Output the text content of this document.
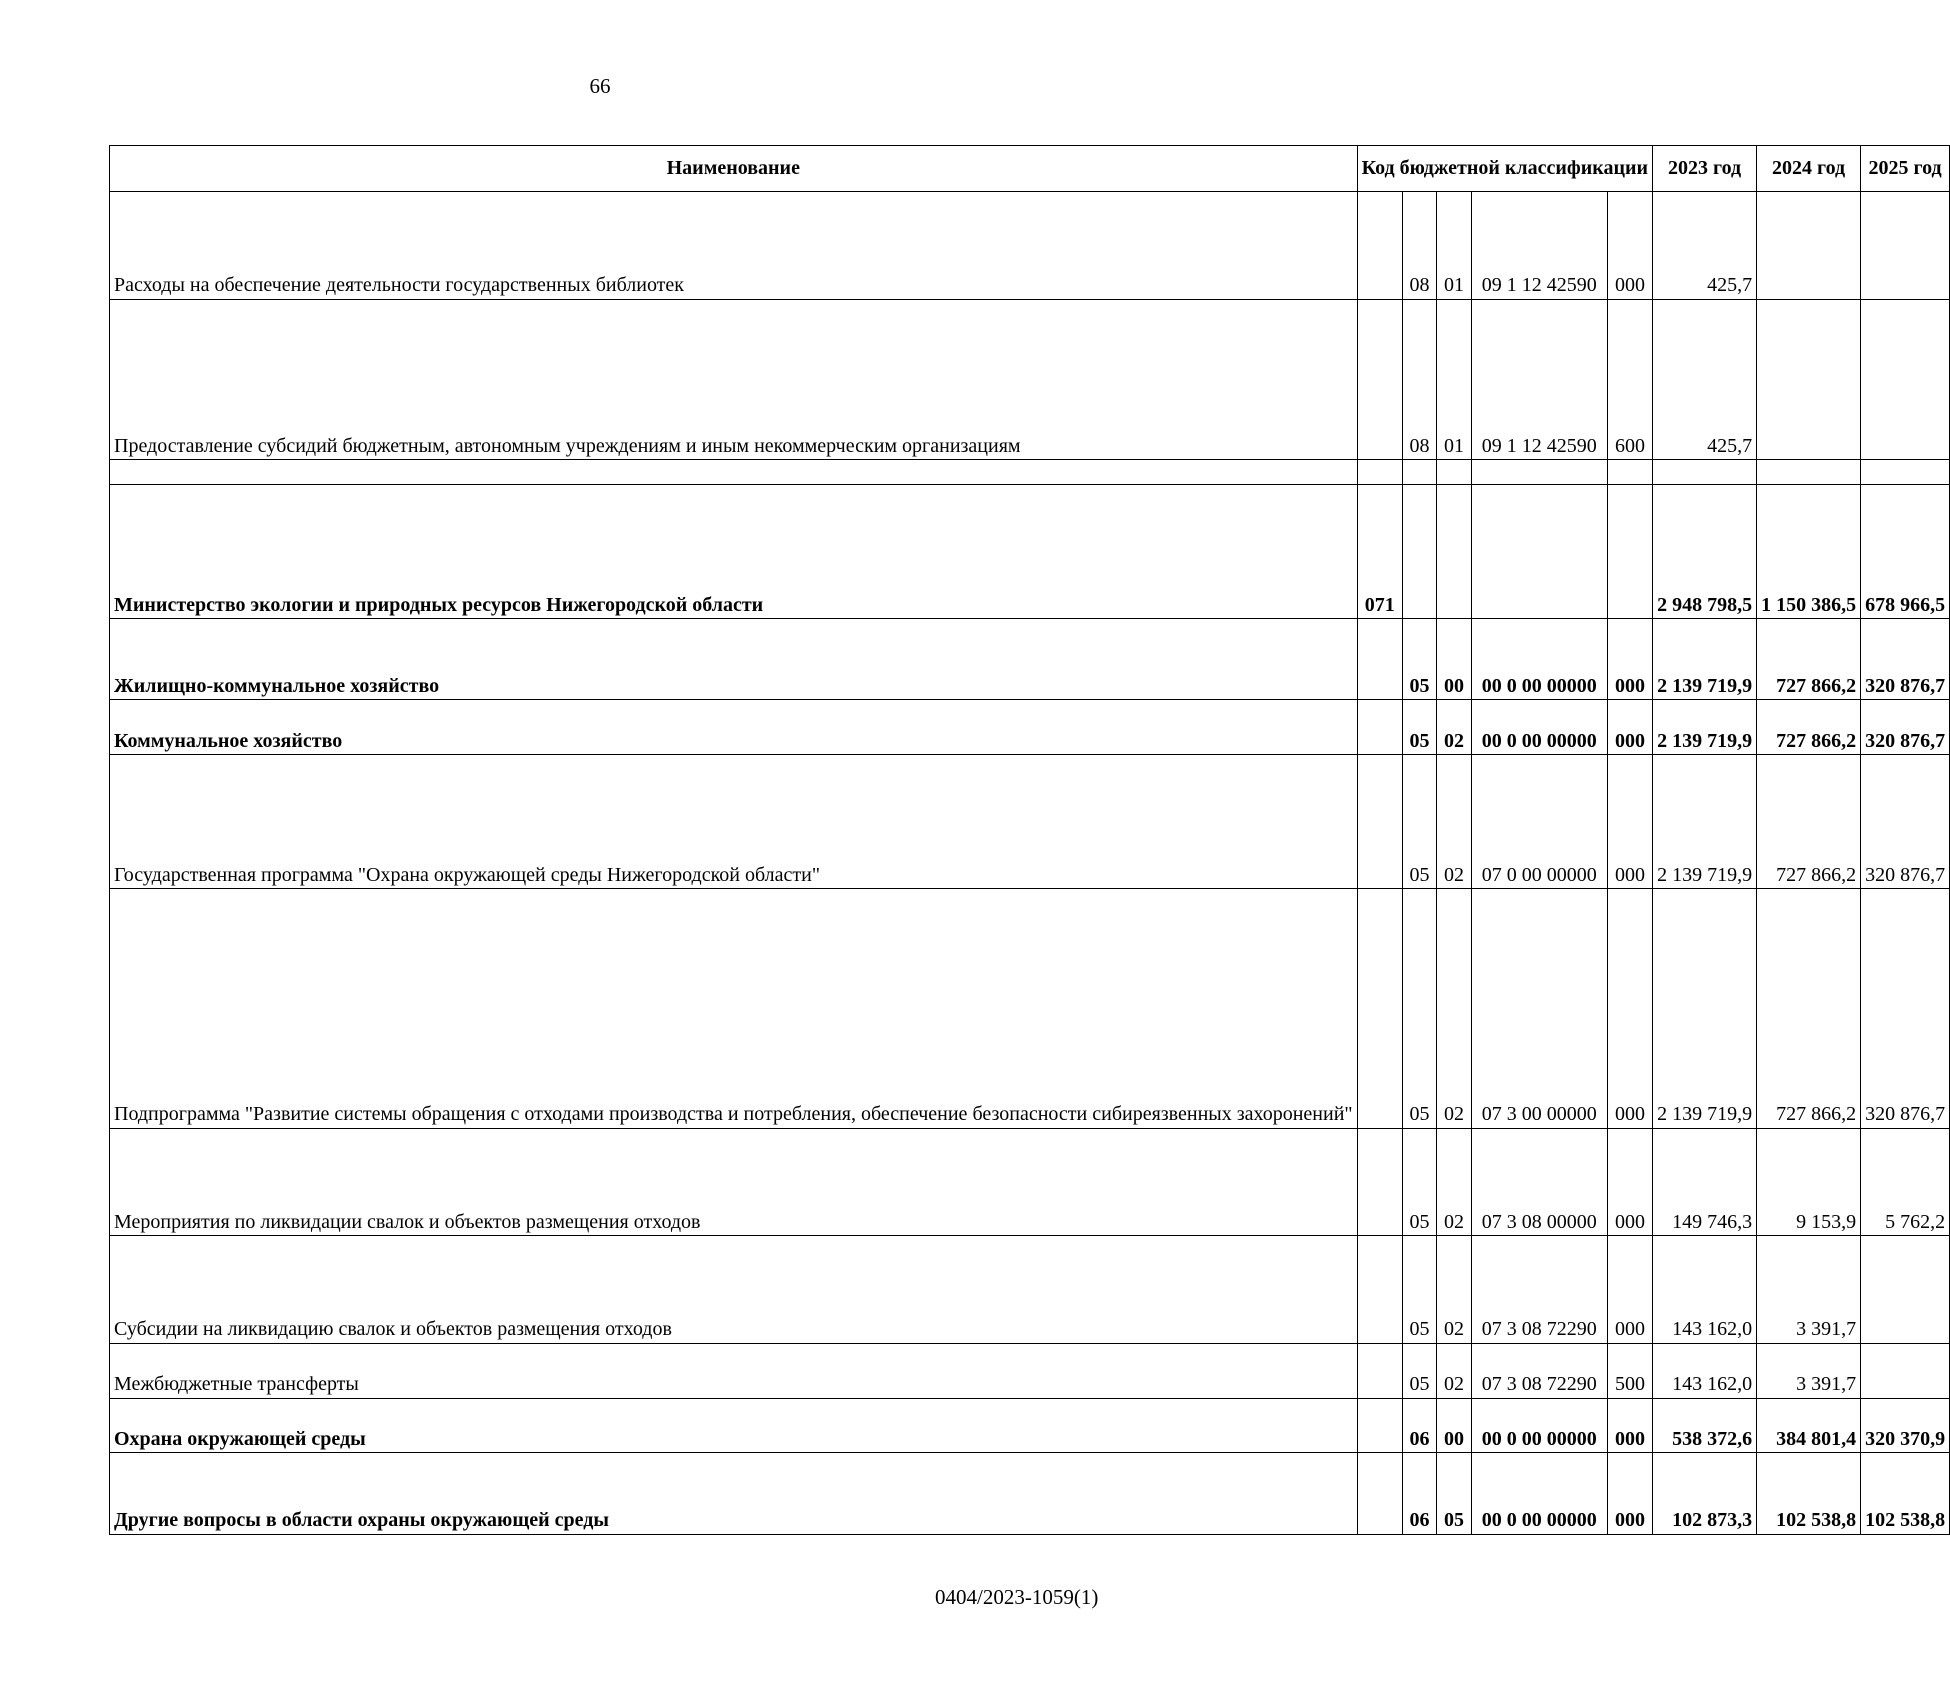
66
Наименование	Код бюджетной классификации					2023 год	2024 год	2025 год
Расходы на обеспечение деятельности государственных библиотек		08	01	09 1 12 42590	000	425,7		
Предоставление субсидий бюджетным, автономным учреждениям и иным некоммерческим организациям		08	01	09 1 12 42590	600	425,7		

Министерство экологии и природных ресурсов Нижегородской области	071					2 948 798,5	1 150 386,5	678 966,5
Жилищно-коммунальное хозяйство		05	00	00 0 00 00000	000	2 139 719,9	727 866,2	320 876,7
Коммунальное хозяйство		05	02	00 0 00 00000	000	2 139 719,9	727 866,2	320 876,7
Государственная программа "Охрана окружающей среды Нижегородской области"		05	02	07 0 00 00000	000	2 139 719,9	727 866,2	320 876,7
Подпрограмма "Развитие системы обращения с отходами производства и потребления, обеспечение безопасности сибиреязвенных захоронений"		05	02	07 3 00 00000	000	2 139 719,9	727 866,2	320 876,7
Мероприятия по ликвидации свалок и объектов размещения отходов		05	02	07 3 08 00000	000	149 746,3	9 153,9	5 762,2
Субсидии на ликвидацию свалок и объектов размещения отходов		05	02	07 3 08 72290	000	143 162,0	3 391,7	
Межбюджетные трансферты		05	02	07 3 08 72290	500	143 162,0	3 391,7	
Охрана окружающей среды		06	00	00 0 00 00000	000	538 372,6	384 801,4	320 370,9
Другие вопросы в области охраны окружающей среды		06	05	00 0 00 00000	000	102 873,3	102 538,8	102 538,8
0404/2023-1059(1)
